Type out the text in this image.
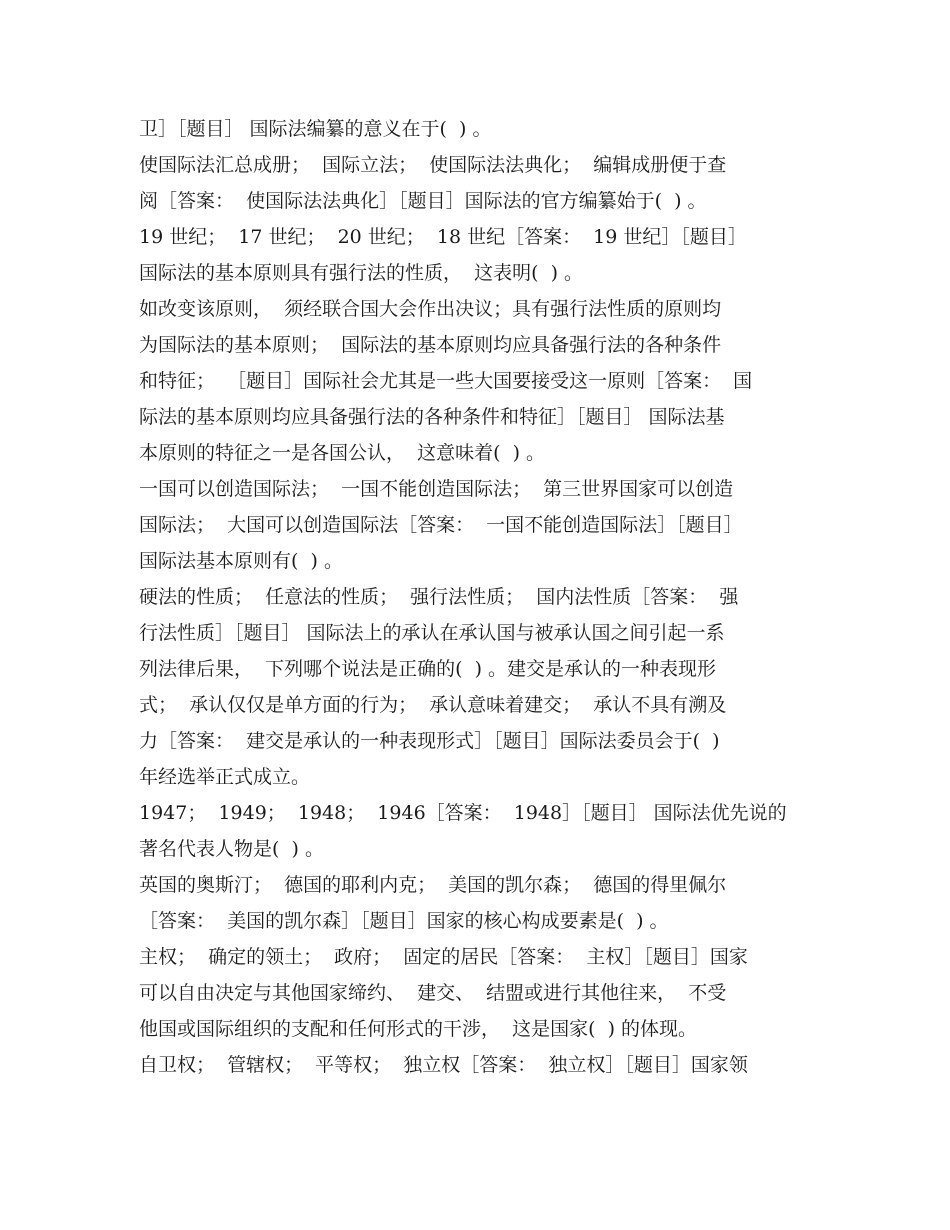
卫］［题目］ 国际法编纂的意义在于(  ) 。
使国际法汇总成册；  国际立法；  使国际法法典化；  编辑成册便于查
阅［答案：  使国际法法典化］［题目］国际法的官方编纂始于(  ) 。
19 世纪；  17 世纪；  20 世纪；  18 世纪［答案：  19 世纪］［题目］
国际法的基本原则具有强行法的性质，  这表明(  ) 。
如改变该原则，  须经联合国大会作出决议；具有强行法性质的原则均
为国际法的基本原则；  国际法的基本原则均应具备强行法的各种条件
和特征；  ［题目］国际社会尤其是一些大国要接受这一原则［答案：  国
际法的基本原则均应具备强行法的各种条件和特征］［题目］ 国际法基
本原则的特征之一是各国公认，  这意味着(  ) 。
一国可以创造国际法；  一国不能创造国际法；  第三世界国家可以创造
国际法；  大国可以创造国际法［答案：  一国不能创造国际法］［题目］
国际法基本原则有(  ) 。
硬法的性质；  任意法的性质；  强行法性质；  国内法性质［答案：  强
行法性质］［题目］ 国际法上的承认在承认国与被承认国之间引起一系
列法律后果，  下列哪个说法是正确的(  ) 。建交是承认的一种表现形
式；  承认仅仅是单方面的行为；  承认意味着建交；  承认不具有溯及
力［答案：  建交是承认的一种表现形式］［题目］国际法委员会于(  )
年经选举正式成立。
1947；  1949；  1948；  1946［答案：  1948］［题目］ 国际法优先说的
著名代表人物是(  ) 。
英国的奥斯汀；  德国的耶利内克；  美国的凯尔森；  德国的得里佩尔
［答案：  美国的凯尔森］［题目］国家的核心构成要素是(  ) 。
主权；  确定的领土；  政府；  固定的居民［答案：  主权］［题目］国家
可以自由决定与其他国家缔约、  建交、  结盟或进行其他往来，  不受
他国或国际组织的支配和任何形式的干涉，  这是国家(  ) 的体现。
自卫权；  管辖权；  平等权；  独立权［答案：  独立权］［题目］国家领
